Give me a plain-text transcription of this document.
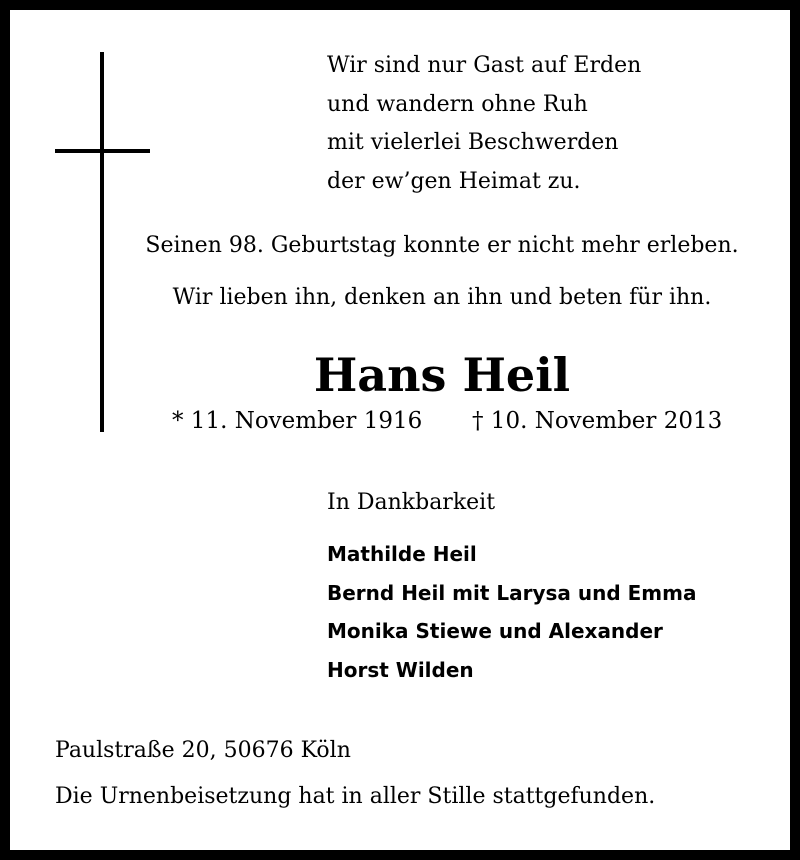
Wir sind nur Gast auf Erden
und wandern ohne Ruh
mit vielerlei Beschwerden
der ew’gen Heimat zu.
Seinen 98. Geburtstag konnte er nicht mehr erleben.
Wir lieben ihn, denken an ihn und beten für ihn.
Hans Heil
* 11. November 1916 † 10. November 2013
In Dankbarkeit
Mathilde Heil
Bernd Heil mit Larysa und Emma
Monika Stiewe und Alexander
Horst Wilden
Paulstraße 20, 50676 Köln
Die Urnenbeisetzung hat in aller Stille stattgefunden.
